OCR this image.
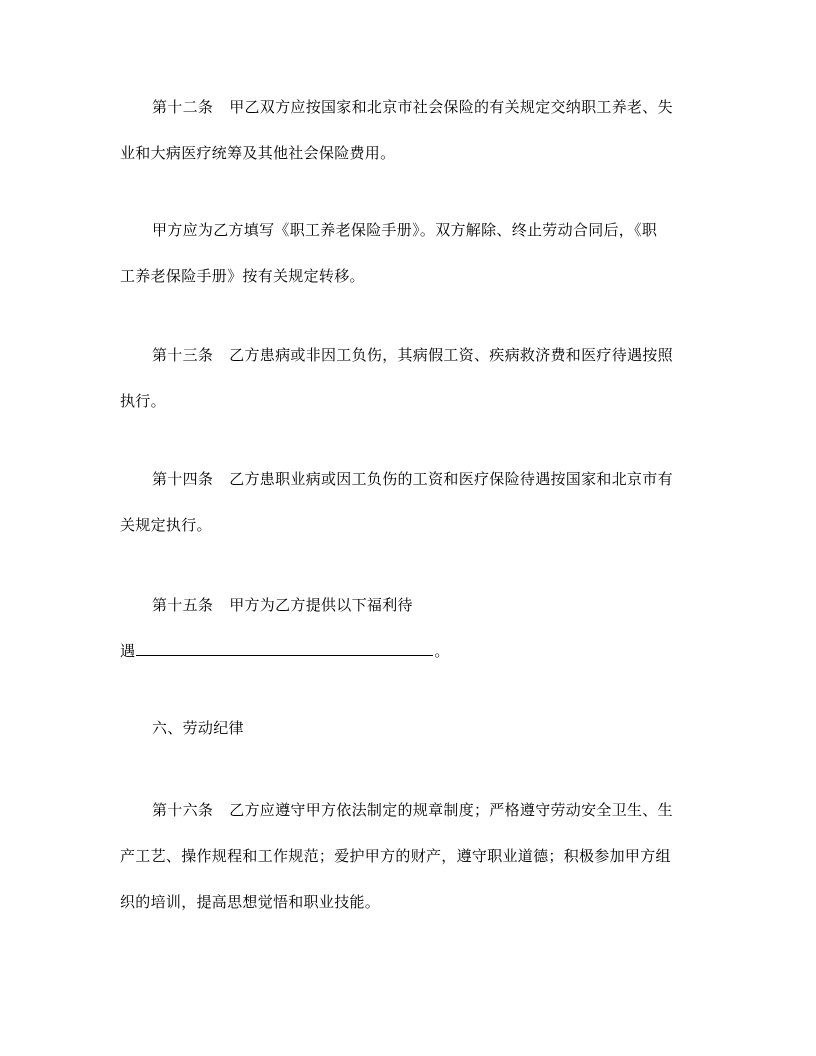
第十二条 甲乙双方应按国家和北京市社会保险的有关规定交纳职工养老、失
业和大病医疗统筹及其他社会保险费用。
甲方应为乙方填写《职工养老保险手册》。双方解除、终止劳动合同后，《职
工养老保险手册》按有关规定转移。
第十三条 乙方患病或非因工负伤，其病假工资、疾病救济费和医疗待遇按照
执行。
第十四条 乙方患职业病或因工负伤的工资和医疗保险待遇按国家和北京市有
关规定执行。
第十五条 甲方为乙方提供以下福利待
遇	。
六、劳动纪律
第十六条 乙方应遵守甲方依法制定的规章制度；严格遵守劳动安全卫生、生
产工艺、操作规程和工作规范；爱护甲方的财产，遵守职业道德；积极参加甲方组
织的培训，提高思想觉悟和职业技能。
